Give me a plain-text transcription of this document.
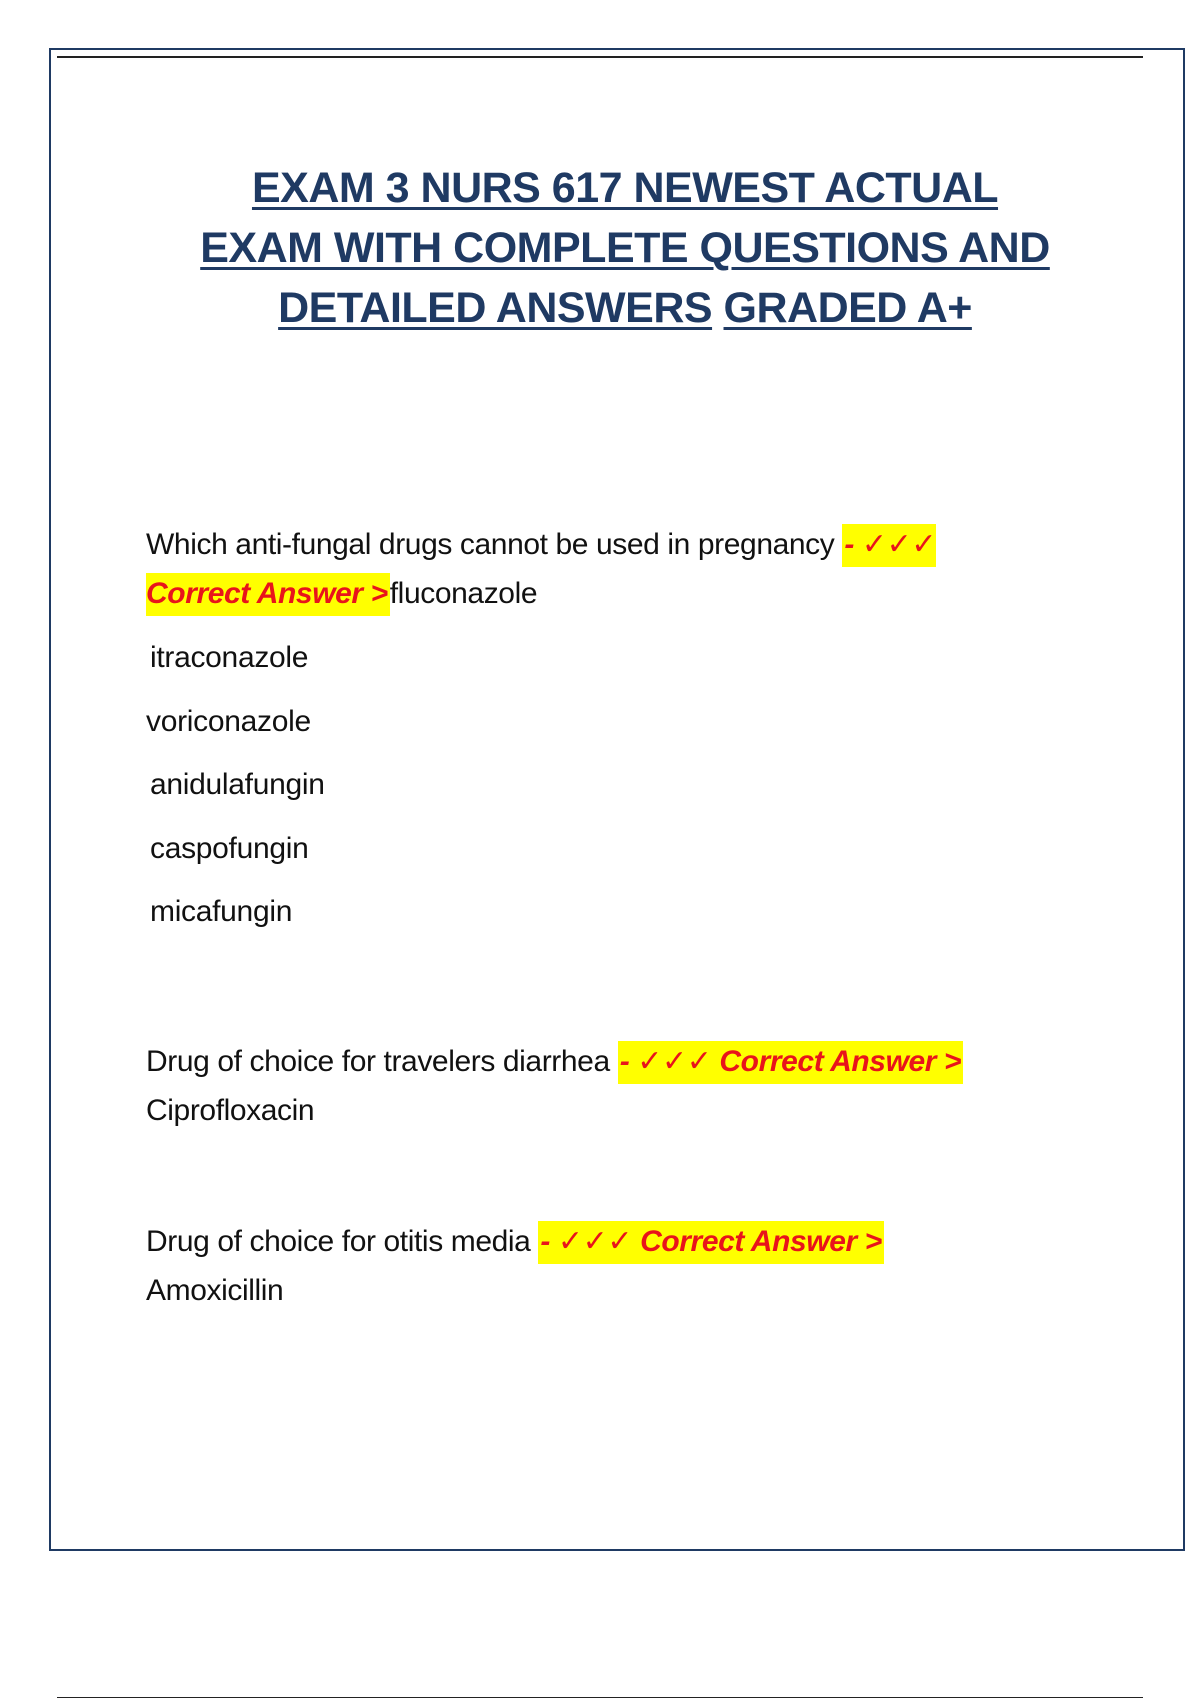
EXAM 3 NURS 617 NEWEST ACTUAL
EXAM WITH COMPLETE QUESTIONS AND
DETAILED ANSWERS GRADED A+
Which anti-fungal drugs cannot be used in pregnancy - ✓✓✓
Correct Answer >fluconazole
itraconazole
voriconazole
anidulafungin
caspofungin
micafungin
Drug of choice for travelers diarrhea - ✓✓✓ Correct Answer >
Ciprofloxacin
Drug of choice for otitis media - ✓✓✓ Correct Answer >
Amoxicillin
